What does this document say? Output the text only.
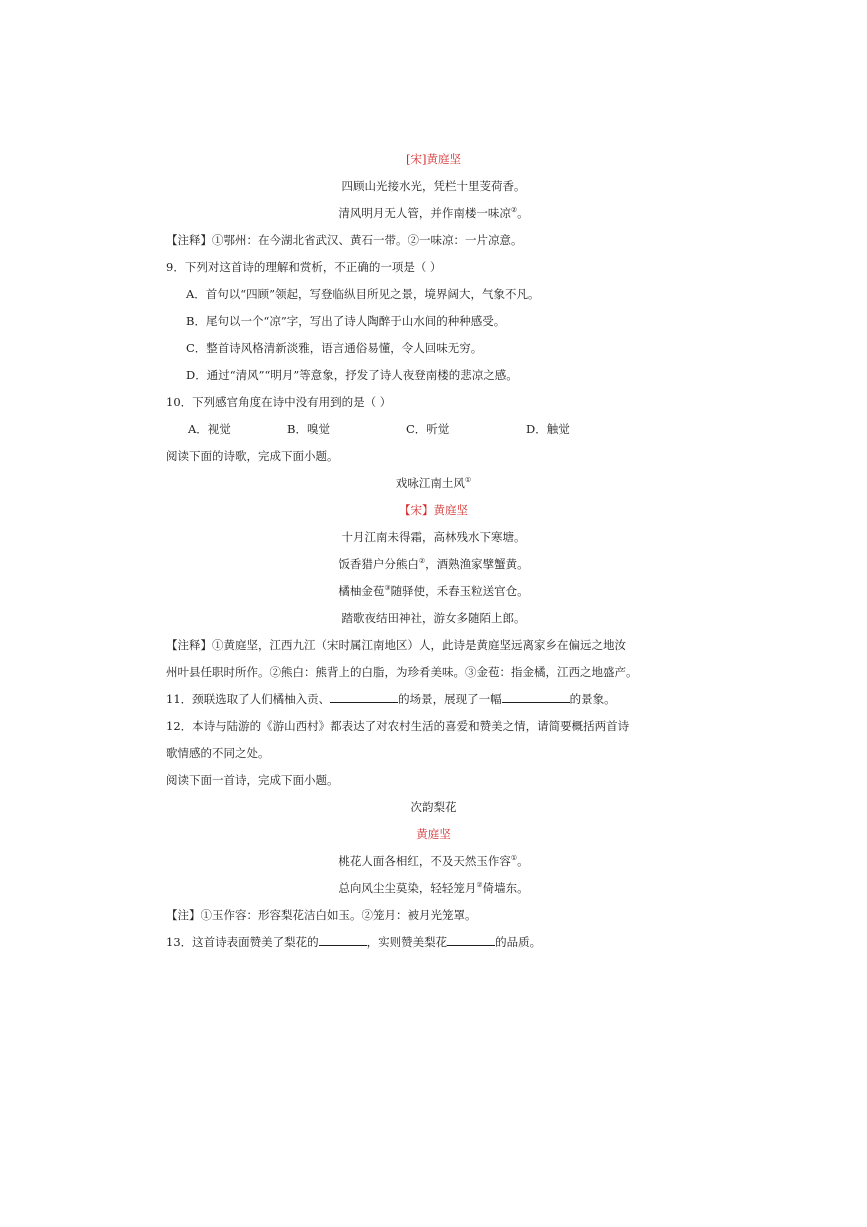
[宋]黄庭坚
四顾山光接水光，凭栏十里芰荷香。
清风明月无人管，并作南楼一味凉②。
【注释】①鄂州：在今湖北省武汉、黄石一带。②一味凉：一片凉意。
9．下列对这首诗的理解和赏析，不正确的一项是（ ）
A．首句以“四顾”领起，写登临纵目所见之景，境界阔大，气象不凡。
B．尾句以一个“凉”字，写出了诗人陶醉于山水间的种种感受。
C．整首诗风格清新淡雅，语言通俗易懂，令人回味无穷。
D．通过“清风”“明月”等意象，抒发了诗人夜登南楼的悲凉之感。
10．下列感官角度在诗中没有用到的是（ ）
A．视觉	B．嗅觉	C．听觉	D．触觉
阅读下面的诗歌，完成下面小题。
戏咏江南土风①
【宋】黄庭坚
十月江南未得霜，高林残水下寒塘。
饭香猎户分熊白②，酒熟渔家擘蟹黄。
橘柚金苞③随驿使，禾舂玉粒送官仓。
踏歌夜结田神社，游女多随陌上郎。
【注释】①黄庭坚，江西九江（宋时属江南地区）人，此诗是黄庭坚远离家乡在偏远之地汝
州叶县任职时所作。②熊白：熊背上的白脂，为珍肴美味。③金苞：指金橘，江西之地盛产。
11．颈联选取了人们橘柚入贡、	的场景，展现了一幅	的景象。
12．本诗与陆游的《游山西村》都表达了对农村生活的喜爱和赞美之情，请简要概括两首诗
歌情感的不同之处。
阅读下面一首诗，完成下面小题。
次韵梨花
黄庭坚
桃花人面各相红，不及天然玉作容①。
总向风尘尘莫染，轻轻笼月②倚墙东。
【注】①玉作容：形容梨花洁白如玉。②笼月：被月光笼罩。
13．这首诗表面赞美了梨花的	，实则赞美梨花	的品质。
